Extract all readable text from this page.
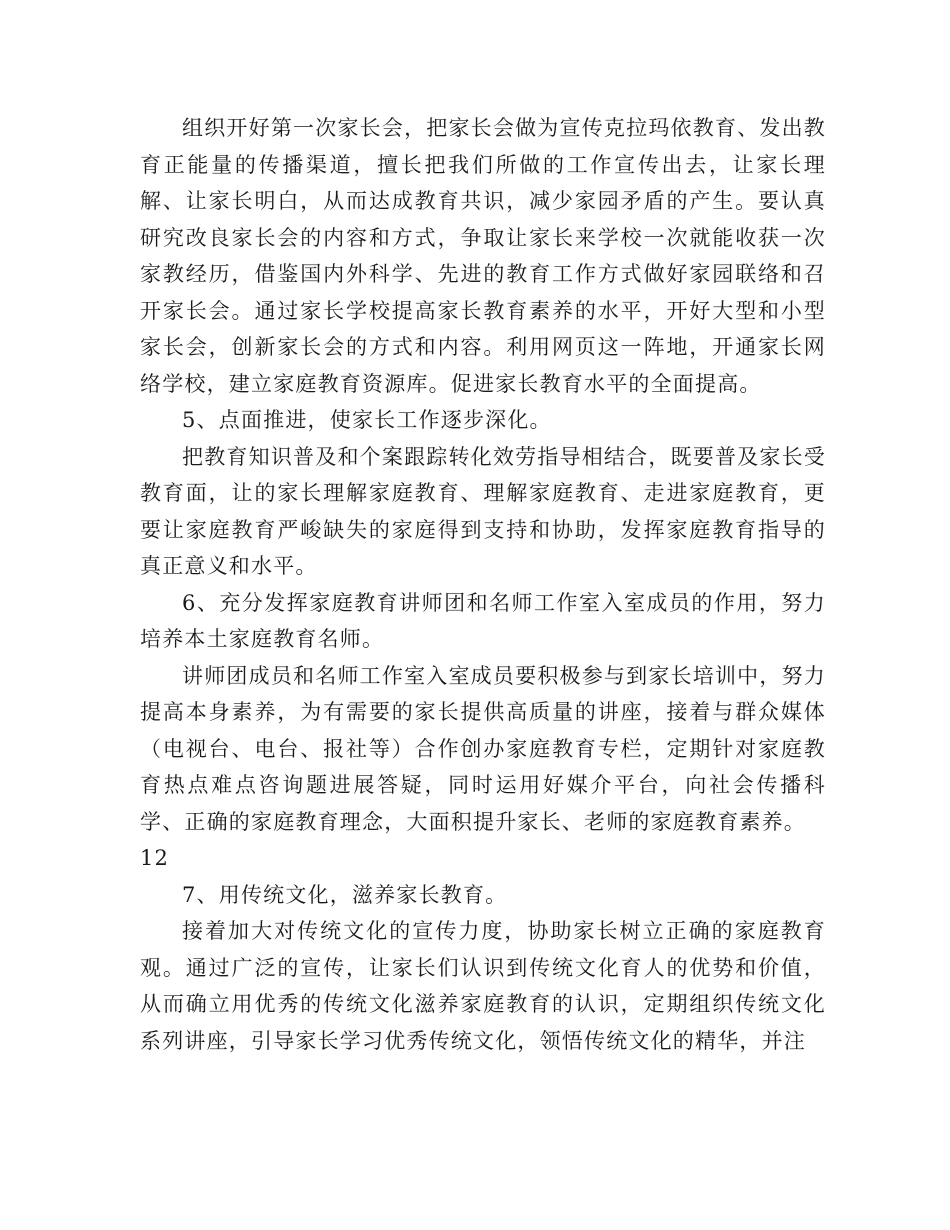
组织开好第一次家长会，把家长会做为宣传克拉玛依教育、发出教育正能量的传播渠道，擅长把我们所做的工作宣传出去，让家长理解、让家长明白，从而达成教育共识，减少家园矛盾的产生。要认真研究改良家长会的内容和方式，争取让家长来学校一次就能收获一次家教经历，借鉴国内外科学、先进的教育工作方式做好家园联络和召开家长会。通过家长学校提高家长教育素养的水平，开好大型和小型家长会，创新家长会的方式和内容。利用网页这一阵地，开通家长网络学校，建立家庭教育资源库。促进家长教育水平的全面提高。

5、点面推进，使家长工作逐步深化。

把教育知识普及和个案跟踪转化效劳指导相结合，既要普及家长受教育面，让的家长理解家庭教育、理解家庭教育、走进家庭教育，更要让家庭教育严峻缺失的家庭得到支持和协助，发挥家庭教育指导的真正意义和水平。

6、充分发挥家庭教育讲师团和名师工作室入室成员的作用，努力培养本土家庭教育名师。

讲师团成员和名师工作室入室成员要积极参与到家长培训中，努力提高本身素养，为有需要的家长提供高质量的讲座，接着与群众媒体（电视台、电台、报社等）合作创办家庭教育专栏，定期针对家庭教育热点难点咨询题进展答疑，同时运用好媒介平台，向社会传播科学、正确的家庭教育理念，大面积提升家长、老师的家庭教育素养。

12

7、用传统文化，滋养家长教育。

接着加大对传统文化的宣传力度，协助家长树立正确的家庭教育观。通过广泛的宣传，让家长们认识到传统文化育人的优势和价值，从而确立用优秀的传统文化滋养家庭教育的认识，定期组织传统文化系列讲座，引导家长学习优秀传统文化，领悟传统文化的精华，并注
